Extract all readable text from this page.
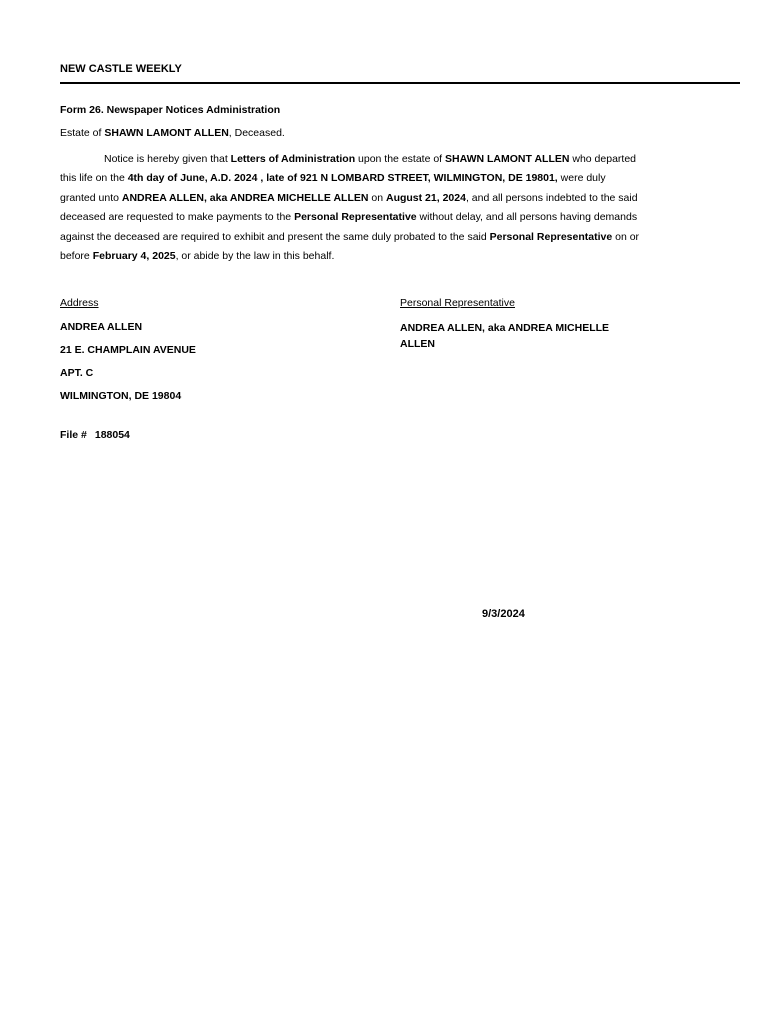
NEW CASTLE WEEKLY
Form 26. Newspaper Notices Administration
Estate of SHAWN LAMONT ALLEN, Deceased.
Notice is hereby given that Letters of Administration upon the estate of SHAWN LAMONT ALLEN who departed this life on the 4th day of June, A.D. 2024 , late of 921 N LOMBARD STREET, WILMINGTON, DE 19801, were duly granted unto ANDREA ALLEN, aka ANDREA MICHELLE ALLEN on August 21, 2024, and all persons indebted to the said deceased are requested to make payments to the Personal Representative without delay, and all persons having demands against the deceased are required to exhibit and present the same duly probated to the said Personal Representative on or before February 4, 2025, or abide by the law in this behalf.
Address	Personal Representative
ANDREA ALLEN
21 E. CHAMPLAIN AVENUE
APT. C
WILMINGTON, DE 19804
ANDREA ALLEN, aka ANDREA MICHELLE ALLEN
File # 188054
9/3/2024
